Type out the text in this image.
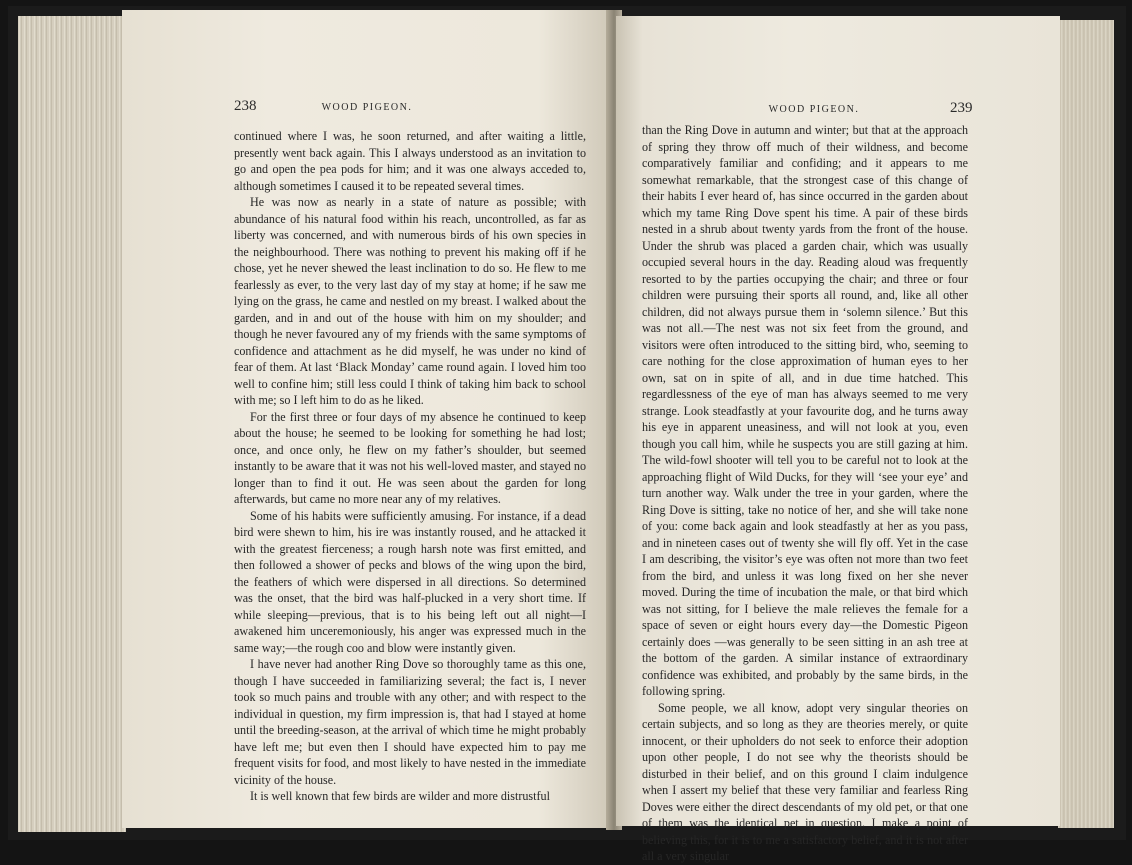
238	WOOD PIGEON.

continued where I was, he soon returned, and after waiting a little, presently went back again. This I always understood as an invitation to go and open the pea pods for him; and it was one always acceded to, although sometimes I caused it to be repeated several times.

He was now as nearly in a state of nature as possible; with abundance of his natural food within his reach, uncontrolled, as far as liberty was concerned, and with numerous birds of his own species in the neighbourhood. There was nothing to prevent his making off if he chose, yet he never shewed the least inclination to do so. He flew to me fearlessly as ever, to the very last day of my stay at home; if he saw me lying on the grass, he came and nestled on my breast. I walked about the garden, and in and out of the house with him on my shoulder; and though he never favoured any of my friends with the same symptoms of confidence and attachment as he did myself, he was under no kind of fear of them. At last ‘Black Monday’ came round again. I loved him too well to confine him; still less could I think of taking him back to school with me; so I left him to do as he liked.

For the first three or four days of my absence he continued to keep about the house; he seemed to be looking for something he had lost; once, and once only, he flew on my father’s shoulder, but seemed instantly to be aware that it was not his well-loved master, and stayed no longer than to find it out. He was seen about the garden for long afterwards, but came no more near any of my relatives.

Some of his habits were sufficiently amusing. For instance, if a dead bird were shewn to him, his ire was instantly roused, and he attacked it with the greatest fierceness; a rough harsh note was first emitted, and then followed a shower of pecks and blows of the wing upon the bird, the feathers of which were dispersed in all directions. So determined was the onset, that the bird was half-plucked in a very short time. If while sleeping—previous, that is to his being left out all night—I awakened him unceremoniously, his anger was expressed much in the same way;—the rough coo and blow were instantly given.

I have never had another Ring Dove so thoroughly tame as this one, though I have succeeded in familiarizing several; the fact is, I never took so much pains and trouble with any other; and with respect to the individual in question, my firm impression is, that had I stayed at home until the breeding-season, at the arrival of which time he might probably have left me; but even then I should have expected him to pay me frequent visits for food, and most likely to have nested in the immediate vicinity of the house.

It is well known that few birds are wilder and more distrustful

WOOD PIGEON.	239

than the Ring Dove in autumn and winter; but that at the approach of spring they throw off much of their wildness, and become comparatively familiar and confiding; and it appears to me somewhat remarkable, that the strongest case of this change of their habits I ever heard of, has since occurred in the garden about which my tame Ring Dove spent his time. A pair of these birds nested in a shrub about twenty yards from the front of the house. Under the shrub was placed a garden chair, which was usually occupied several hours in the day. Reading aloud was frequently resorted to by the parties occupying the chair; and three or four children were pursuing their sports all round, and, like all other children, did not always pursue them in ‘solemn silence.’ But this was not all.—The nest was not six feet from the ground, and visitors were often introduced to the sitting bird, who, seeming to care nothing for the close approximation of human eyes to her own, sat on in spite of all, and in due time hatched. This regardlessness of the eye of man has always seemed to me very strange. Look steadfastly at your favourite dog, and he turns away his eye in apparent uneasiness, and will not look at you, even though you call him, while he suspects you are still gazing at him. The wild-fowl shooter will tell you to be careful not to look at the approaching flight of Wild Ducks, for they will ‘see your eye’ and turn another way. Walk under the tree in your garden, where the Ring Dove is sitting, take no notice of her, and she will take none of you: come back again and look steadfastly at her as you pass, and in nineteen cases out of twenty she will fly off. Yet in the case I am describing, the visitor’s eye was often not more than two feet from the bird, and unless it was long fixed on her she never moved. During the time of incubation the male, or that bird which was not sitting, for I believe the male relieves the female for a space of seven or eight hours every day—the Domestic Pigeon certainly does —was generally to be seen sitting in an ash tree at the bottom of the garden. A similar instance of extraordinary confidence was exhibited, and probably by the same birds, in the following spring.

Some people, we all know, adopt very singular theories on certain subjects, and so long as they are theories merely, or quite innocent, or their upholders do not seek to enforce their adoption upon other people, I do not see why the theorists should be disturbed in their belief, and on this ground I claim indulgence when I assert my belief that these very familiar and fearless Ring Doves were either the direct descendants of my old pet, or that one of them was the identical pet in question. I make a point of believing this, for it is to me a satisfactory belief, and it is not after all a very singular
